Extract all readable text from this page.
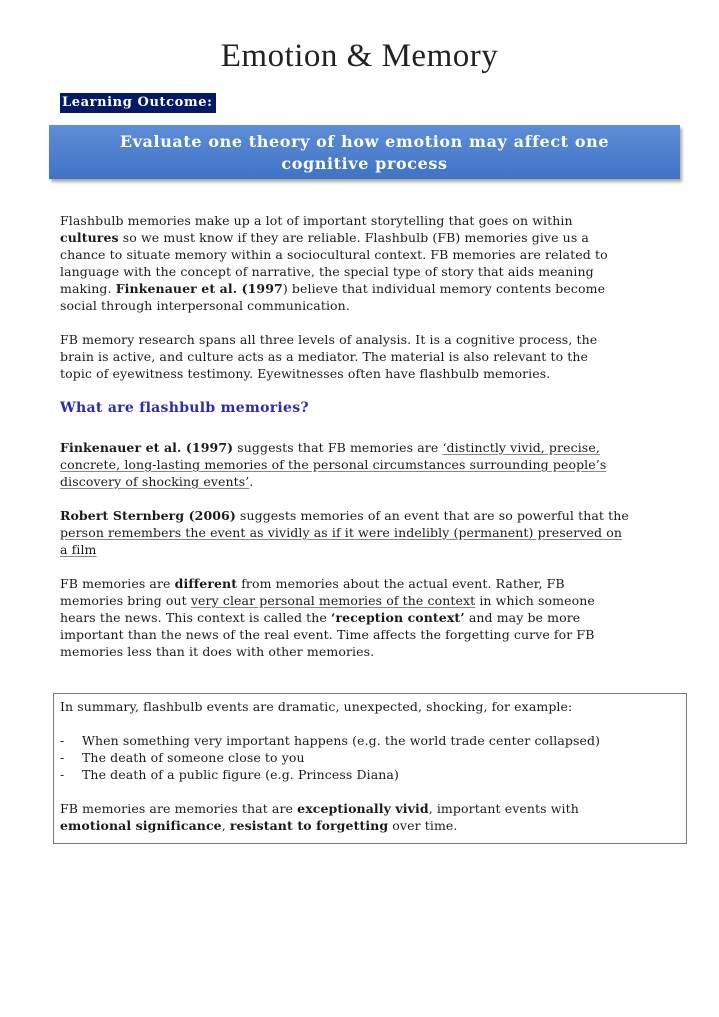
Emotion & Memory
Learning Outcome:
Evaluate one theory of how emotion may affect one
cognitive process
Flashbulb memories make up a lot of important storytelling that goes on within
cultures so we must know if they are reliable. Flashbulb (FB) memories give us a
chance to situate memory within a sociocultural context. FB memories are related to
language with the concept of narrative, the special type of story that aids meaning
making. Finkenauer et al. (1997) believe that individual memory contents become
social through interpersonal communication.
FB memory research spans all three levels of analysis. It is a cognitive process, the
brain is active, and culture acts as a mediator. The material is also relevant to the
topic of eyewitness testimony. Eyewitnesses often have flashbulb memories.
What are flashbulb memories?
Finkenauer et al. (1997) suggests that FB memories are ‘distinctly vivid, precise,
concrete, long-lasting memories of the personal circumstances surrounding people’s
discovery of shocking events’.
Robert Sternberg (2006) suggests memories of an event that are so powerful that the
person remembers the event as vividly as if it were indelibly (permanent) preserved on
a film
FB memories are different from memories about the actual event. Rather, FB
memories bring out very clear personal memories of the context in which someone
hears the news. This context is called the ‘reception context’ and may be more
important than the news of the real event. Time affects the forgetting curve for FB
memories less than it does with other memories.
In summary, flashbulb events are dramatic, unexpected, shocking, for example:
- When something very important happens (e.g. the world trade center collapsed)
- The death of someone close to you
- The death of a public figure (e.g. Princess Diana)
FB memories are memories that are exceptionally vivid, important events with
emotional significance, resistant to forgetting over time.
